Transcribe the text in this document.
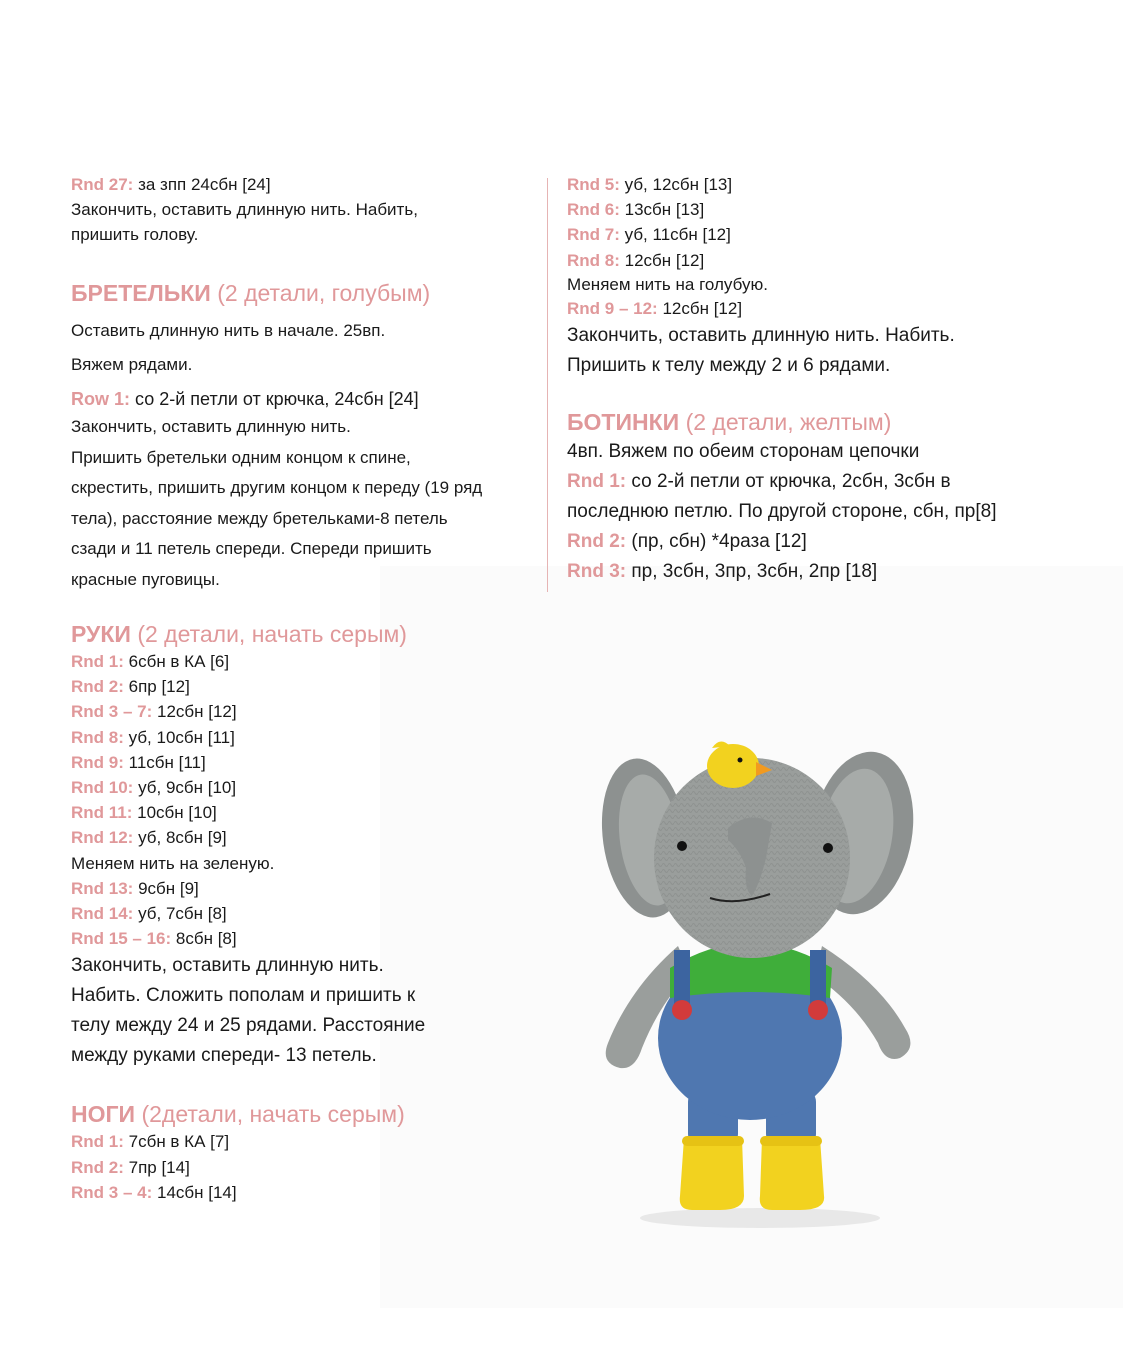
Rnd 27: за зпп 24сбн [24]
Закончить, оставить длинную нить. Набить,
пришить голову.
БРЕТЕЛЬКИ (2 детали, голубым)
Оставить длинную нить в начале. 25вп.
Вяжем рядами.
Row 1: со 2-й петли от крючка, 24сбн [24]
Закончить, оставить длинную нить.
Пришить бретельки одним концом к спине,
скрестить, пришить другим концом к переду (19 ряд
тела), расстояние между бретельками-8 петель
сзади и 11 петель спереди. Спереди пришить
красные пуговицы.
РУКИ (2 детали, начать серым)
Rnd 1: 6сбн в КА [6]
Rnd 2: 6пр [12]
Rnd 3 – 7: 12сбн [12]
Rnd 8: уб, 10сбн [11]
Rnd 9: 11сбн [11]
Rnd 10: уб, 9сбн [10]
Rnd 11: 10сбн [10]
Rnd 12: уб, 8сбн [9]
Меняем нить на зеленую.
Rnd 13: 9сбн [9]
Rnd 14: уб, 7сбн [8]
Rnd 15 – 16: 8сбн [8]
Закончить, оставить длинную нить.
Набить. Сложить пополам и пришить к
телу между 24 и 25 рядами. Расстояние
между руками спереди- 13 петель.
НОГИ (2детали, начать серым)
Rnd 1: 7сбн в КА [7]
Rnd 2: 7пр [14]
Rnd 3 – 4: 14сбн [14]
Rnd 5: уб, 12сбн [13]
Rnd 6: 13сбн [13]
Rnd 7: уб, 11сбн [12]
Rnd 8: 12сбн [12]
Меняем нить на голубую.
Rnd 9 – 12: 12сбн [12]
Закончить, оставить длинную нить. Набить.
Пришить к телу между 2 и 6 рядами.
БОТИНКИ (2 детали, желтым)
4вп. Вяжем по обеим сторонам цепочки
Rnd 1: со 2-й петли от крючка, 2сбн, 3сбн в
последнюю петлю. По другой стороне, сбн, пр[8]
Rnd 2: (пр, сбн) *4раза [12]
Rnd 3: пр, 3сбн, 3пр, 3сбн, 2пр [18]
